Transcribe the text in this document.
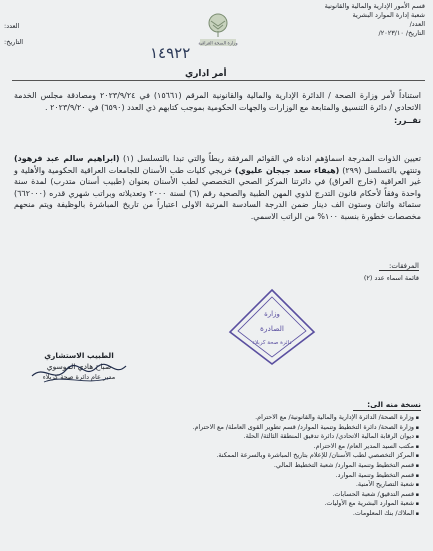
قسم الأمور الإدارية والمالية والقانونية
شعبة إدارة الموارد البشرية
العدد/
التاريخ/ ٢٠٢٣/١٠/
وزارة الصحة العراقية
العدد:
التاريخ:
١٤٩٢٢
أمر اداري
استناداً لأمر وزارة الصحة / الدائرة الإدارية والمالية والقانونية المرقم (١٥٦٦١) في ٢٠٢٣/٩/٢٤ ومصادقة مجلس الخدمة الاتحادي / دائرة التنسيق والمتابعة مع الوزارات والجهات الحكومية بموجب كتابهم ذي العدد (٦٥٩٠) في ٢٠٢٣/٩/٢٠ .
تقــرر:
تعيين الذوات المدرجة اسماؤهم ادناه في القوائم المرفقة ربطاً والتي تبدا بالتسلسل (١) (ابراهيم سالم عبد فرهود) وتنتهي بالتسلسل (٢٩٩) (هيفاء سعد جيجان عليوي) خريجي كليات طب الأسنان للجامعات العراقية الحكومية والأهلية و غير العراقية (خارج العراق) في دائرتنا المركز الصحي التخصصي لطب الأسنان بعنوان (طبيب أسنان متدرب) لمدة سنة واحدة وفقاً لأحكام قانون التدرج لذوي المهن الطبية والصحية رقم (٦) لسنة ٢٠٠٠ وتعديلاته وبراتب شهري قدره (٦٦٢٠٠٠) ستمائة واثنان وستون الف دينار ضمن الدرجة السادسة المرتبة الاولى اعتباراً من تاريخ المباشرة بالوظيفة ويتم منحهم مخصصات خطورة بنسبة ١٠٠% من الراتب الاسمي.
المرفقات:
قائمة اسماء عدد (٢)
وزارة
الصادرة
دائرة صحة كربلاء
الطبيب الاستشاري
صباح هادي الموسوي
مدير عام دائرة صحة كربلاء
نسخة منه الى:
▪ وزارة الصحة/ الدائرة الإدارية والمالية والقانونية/ مع الاحترام.
▪ وزارة الصحة/ دائرة التخطيط وتنمية الموارد/ قسم تطوير القوى العاملة/ مع الاحترام.
▪ ديوان الرقابة المالية الاتحادي/ دائرة تدقيق المنطقة الثالثة/ الحلة.
▪ مكتب السيد المدير العام/ مع الاحترام.
▪ المركز التخصصي لطب الأسنان/ للإعلام بتاريخ المباشرة وبالسرعة الممكنة.
▪ قسم التخطيط وتنمية الموارد/ شعبة التخطيط المالي.
▪ قسم التخطيط وتنمية الموارد.
▪ شعبة التصاريح الأمنية.
▪ قسم التدقيق/ شعبة الحسابات.
▪ شعبة الموارد البشرية مع الأوليات.
▪ الملاك/ بنك المعلومات.
